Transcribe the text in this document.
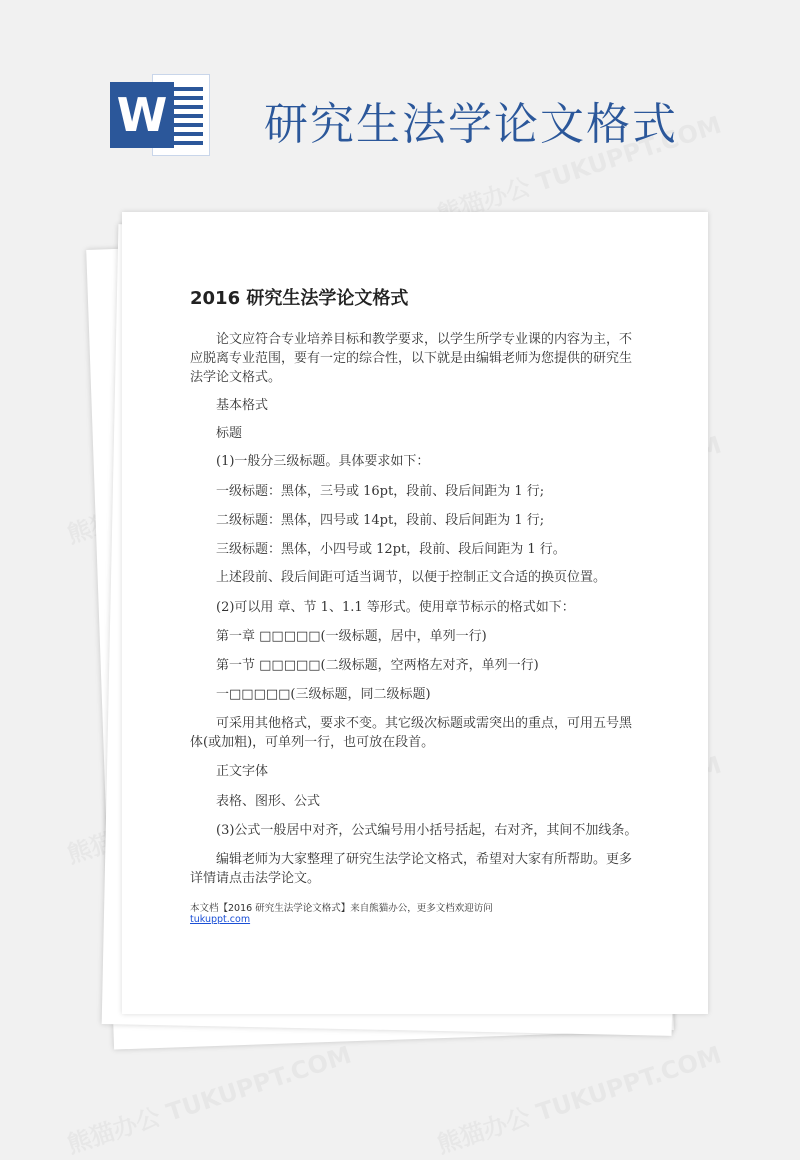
W 研究生法学论文格式
2016 研究生法学论文格式

论文应符合专业培养目标和教学要求，以学生所学专业课的内容为主，不应脱离专业范围，要有一定的综合性，以下就是由编辑老师为您提供的研究生法学论文格式。

基本格式

标题

(1)一般分三级标题。具体要求如下：

一级标题：黑体，三号或 16pt，段前、段后间距为 1 行;

二级标题：黑体，四号或 14pt，段前、段后间距为 1 行;

三级标题：黑体，小四号或 12pt，段前、段后间距为 1 行。

上述段前、段后间距可适当调节，以便于控制正文合适的换页位置。

(2)可以用 章、节 1、1.1 等形式。使用章节标示的格式如下：

第一章 □□□□□(一级标题，居中，单列一行)

第一节 □□□□□(二级标题，空两格左对齐，单列一行)

一□□□□□(三级标题，同二级标题)

可采用其他格式，要求不变。其它级次标题或需突出的重点，可用五号黑体(或加粗)，可单列一行，也可放在段首。

正文字体

表格、图形、公式

(3)公式一般居中对齐，公式编号用小括号括起，右对齐，其间不加线条。

编辑老师为大家整理了研究生法学论文格式，希望对大家有所帮助。更多详情请点击法学论文。

本文档【2016 研究生法学论文格式】来自熊猫办公，更多文档欢迎访问
tukuppt.com
